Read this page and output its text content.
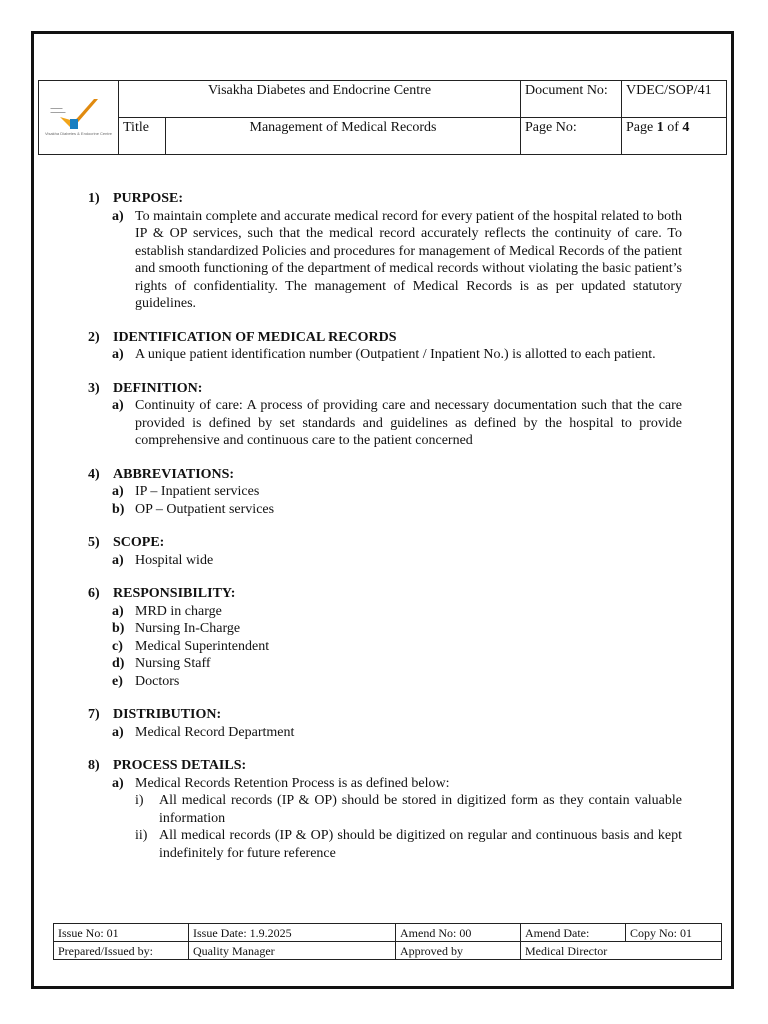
▬▬▬▬
▬▬▬▬▬
Visakha Diabetes & Endocrine Centre	Visakha Diabetes and Endocrine Centre		Document No:	VDEC/SOP/41
	Title	Management of Medical Records	Page No:	Page 1 of 4
1) PURPOSE:
a) To maintain complete and accurate medical record for every patient of the hospital related to both IP & OP services, such that the medical record accurately reflects the continuity of care. To establish standardized Policies and procedures for management of Medical Records of the patient and smooth functioning of the department of medical records without violating the basic patient’s rights of confidentiality. The management of Medical Records is as per updated statutory guidelines.
2) IDENTIFICATION OF MEDICAL RECORDS
a) A unique patient identification number (Outpatient / Inpatient No.) is allotted to each patient.
3) DEFINITION:
a) Continuity of care: A process of providing care and necessary documentation such that the care provided is defined by set standards and guidelines as defined by the hospital to provide comprehensive and continuous care to the patient concerned
4) ABBREVIATIONS:
a) IP – Inpatient services
b) OP – Outpatient services
5) SCOPE:
a) Hospital wide
6) RESPONSIBILITY:
a) MRD in charge
b) Nursing In-Charge
c) Medical Superintendent
d) Nursing Staff
e) Doctors
7) DISTRIBUTION:
a) Medical Record Department
8) PROCESS DETAILS:
a) Medical Records Retention Process is as defined below:
i)	All medical records (IP & OP) should be stored in digitized form as they contain valuable information
ii) All medical records (IP & OP) should be digitized on regular and continuous basis and kept indefinitely for future reference
Issue No: 01	Issue Date: 1.9.2025	Amend No: 00	Amend Date:	Copy No: 01
Prepared/Issued by:	Quality Manager	Approved by	Medical Director	
